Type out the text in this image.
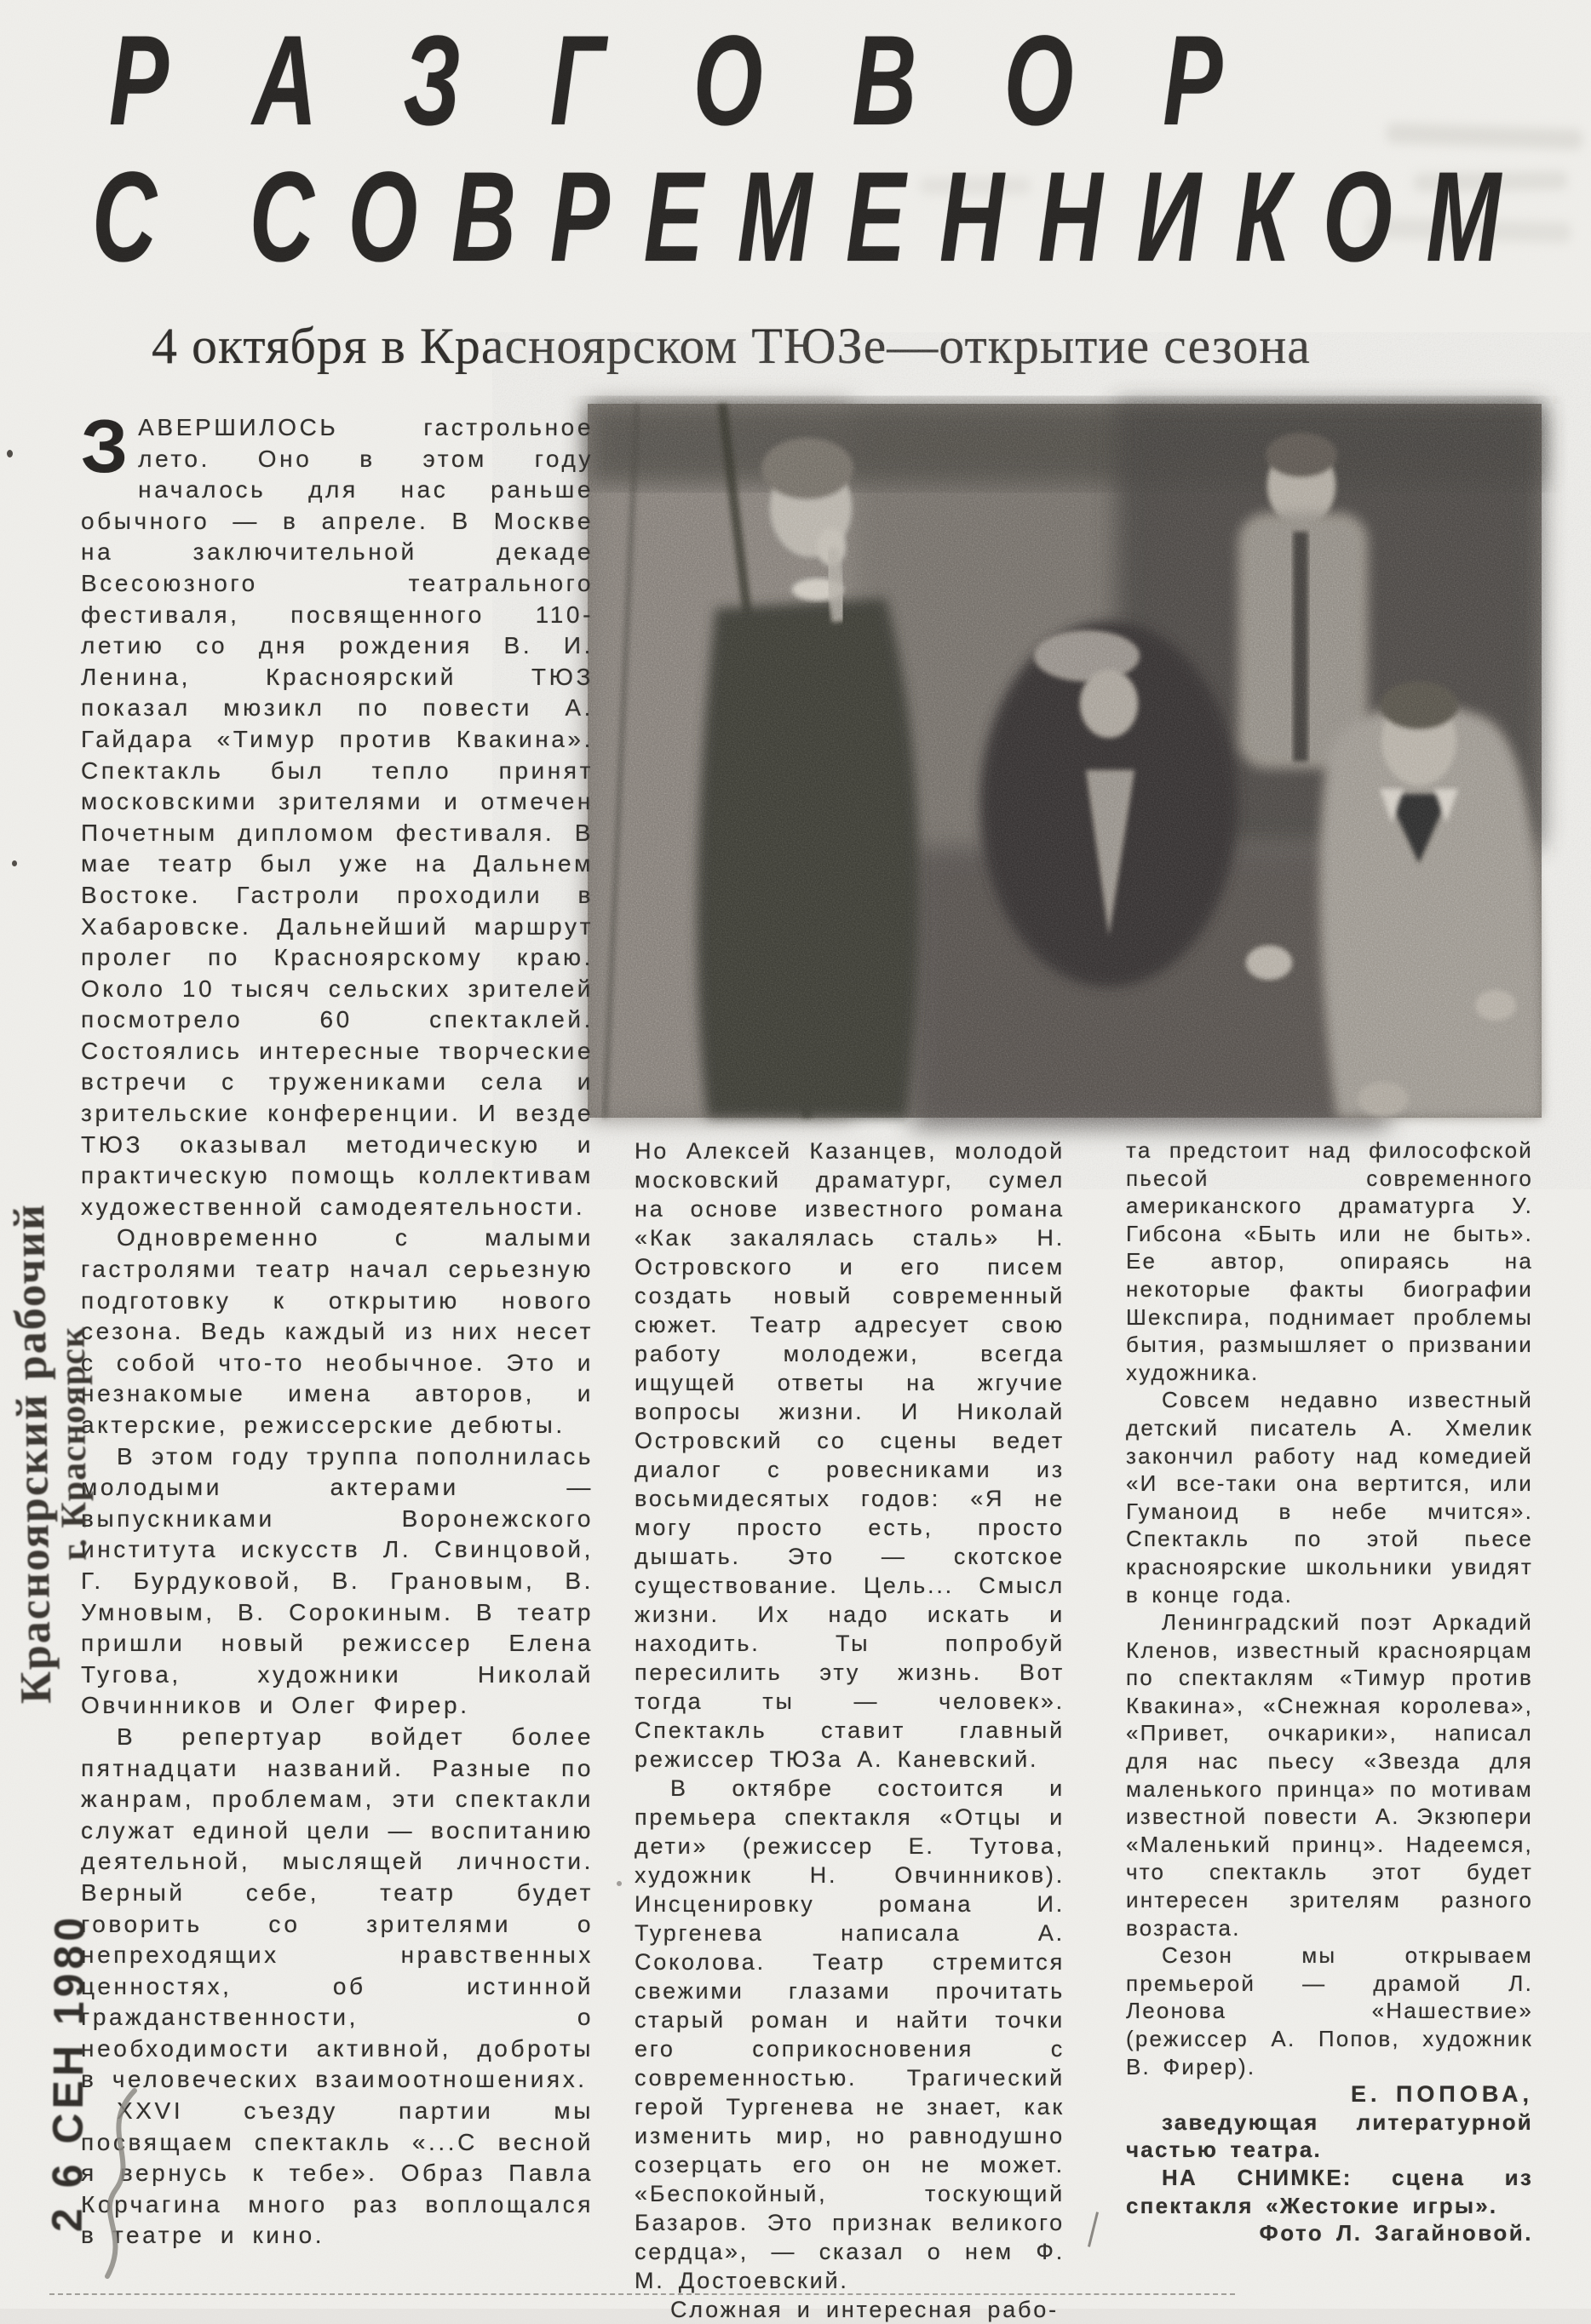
РАЗГОВОР
С СОВРЕМЕННИКОМ
4 октября в Красноярском ТЮЗе—открытие сезона

ЗАВЕРШИЛОСЬ гастрольное лето. Оно в этом году началось для нас раньше обычного — в апреле. В Москве на заключительной декаде Всесоюзного театрального фестиваля, посвященного 110-летию со дня рождения В. И. Ленина, Красноярский ТЮЗ показал мюзикл по повести А. Гайдара «Тимур против Квакина». Спектакль был тепло принят московскими зрителями и отмечен Почетным дипломом фестиваля. В мае театр был уже на Дальнем Востоке. Гастроли проходили в Хабаровске. Дальнейший маршрут пролег по Красноярскому краю. Около 10 тысяч сельских зрителей посмотрело 60 спектаклей. Состоялись интересные творческие встречи с тружениками села и зрительские конференции. И везде ТЮЗ оказывал методическую и практическую помощь коллективам художественной самодеятельности.

Одновременно с малыми гастролями театр начал серьезную подготовку к открытию нового сезона. Ведь каждый из них несет с собой что-то необычное. Это и незнакомые имена авторов, и актерские, режиссерские дебюты.

В этом году труппа пополнилась молодыми актерами — выпускниками Воронежского института искусств Л. Свинцовой, Г. Бурдуковой, В. Грановым, В. Умновым, В. Сорокиным. В театр пришли новый режиссер Елена Тугова, художники Николай Овчинников и Олег Фирер.

В репертуар войдет более пятнадцати названий. Разные по жанрам, проблемам, эти спектакли служат единой цели — воспитанию деятельной, мыслящей личности. Верный себе, театр будет говорить со зрителями о непреходящих нравственных ценностях, об истинной гражданственности, о необходимости активной, доброты в человеческих взаимоотношениях.

XXVI съезду партии мы посвящаем спектакль «...С весной я вернусь к тебе». Образ Павла Корчагина много раз воплощался в театре и кино.

Но Алексей Казанцев, молодой московский драматург, сумел на основе известного романа «Как закалялась сталь» Н. Островского и его писем создать новый современный сюжет. Театр адресует свою работу молодежи, всегда ищущей ответы на жгучие вопросы жизни. И Николай Островский со сцены ведет диалог с ровесниками из восьмидесятых годов: «Я не могу просто есть, просто дышать. Это — скотское существование. Цель... Смысл жизни. Их надо искать и находить. Ты попробуй пересилить эту жизнь. Вот тогда ты — человек». Спектакль ставит главный режиссер ТЮЗа А. Каневский.

В октябре состоится и премьера спектакля «Отцы и дети» (режиссер Е. Тутова, художник Н. Овчинников). Инсценировку романа И. Тургенева написала А. Соколова. Театр стремится свежими глазами прочитать старый роман и найти точки его соприкосновения с современностью. Трагический герой Тургенева не знает, как изменить мир, но равнодушно созерцать его он не может. «Беспокойный, тоскующий Базаров. Это признак великого сердца», — сказал о нем Ф. М. Достоевский.

Сложная и интересная рабо-

та предстоит над философской пьесой современного американского драматурга У. Гибсона «Быть или не быть». Ее автор, опираясь на некоторые факты биографии Шекспира, поднимает проблемы бытия, размышляет о призвании художника.

Совсем недавно известный детский писатель А. Хмелик закончил работу над комедией «И все-таки она вертится, или Гуманоид в небе мчится». Спектакль по этой пьесе красноярские школьники увидят в конце года.

Ленинградский поэт Аркадий Кленов, известный красноярцам по спектаклям «Тимур против Квакина», «Снежная королева», «Привет, очкарики», написал для нас пьесу «Звезда для маленького принца» по мотивам известной повести А. Экзюпери «Маленький принц». Надеемся, что спектакль этот будет интересен зрителям разного возраста.

Сезон мы открываем премьерой — драмой Л. Леонова «Нашествие» (режиссер А. Попов, художник В. Фирер).

Е. ПОПОВА,

заведующая литературной частью театра.

НА СНИМКЕ: сцена из спектакля «Жестокие игры».

Фото Л. Загайновой.

Красноярский рабочий
г. Красноярск
2 6 СЕН 1980
